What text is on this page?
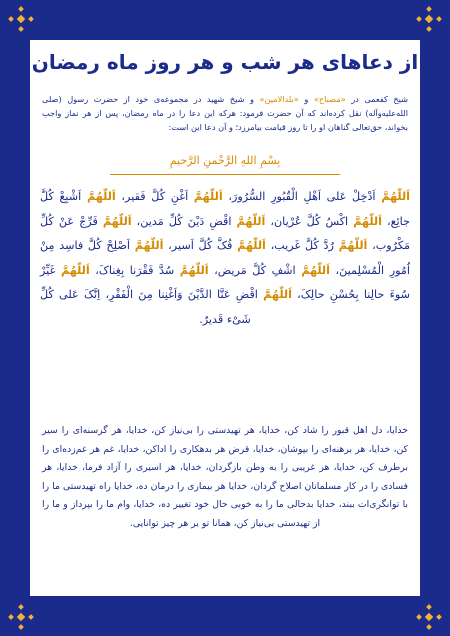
از دعاهای هر شب و هر روز ماه رمضان
شیخ کفعمی در «مصباح» و «بلدالامین» و شیخ شهید در مجموعه‌ی خود از حضرت رسول (صلی الله‌علیه‌وآله) نقل کرده‌اند که آن حضرت فرمود: هرکه این دعا را در ماه رمضان، پس از هر نماز واجب بخواند، حق‌تعالی گناهان او را تا روز قیامت بیامرزد؛ و آن دعا این است:
بِسْمِ اللهِ الرَّحْمنِ الرَّحیمِ
اَللّهُمَّ اَدْخِلْ عَلی اَهْلِ الْقُبُورِ السُّرُورَ، اَللّهُمَّ اَغْنِ کُلَّ فَقیر، اَللّهُمَّ اَشْبِعْ کُلَّ جائِع، اَللّهُمَّ اکْسُ کُلَّ عُرْیان، اَللّهُمَّ اقْضِ دَیْنَ کُلِّ مَدین، اَللّهُمَّ فَرِّجْ عَنْ کُلِّ مَکْرُوب، اَللّهُمَّ رُدَّ کُلَّ غَریب، اَللّهُمَّ فُکَّ کُلَّ اَسیر، اَللّهُمَّ اَصْلِحْ کُلَّ فاسِد مِنْ اُمُورِ الْمُسْلِمینَ، اَللّهُمَّ اشْفِ کُلَّ مَریض، اَللّهُمَّ سُدَّ فَقْرَنا بِغِناکَ، اَللّهُمَّ غَیِّرْ سُوءَ حالِنا بِحُسْنِ حالِکَ، اَللّهُمَّ اقْضِ عَنَّا الدَّیْنَ وَاَغْنِنا مِنَ الْفَقْرِ، اِنَّکَ عَلی کُلِّ شَیْء قَدیرٌ.
خدایا، دل اهل قبور را شاد کن، خدایا، هر تهیدستی را بی‌نیاز کن، خدایا، هر گرسنه‌ای را سیر کن، خدایا، هر برهنه‌ای را بپوشان، خدایا، قرض هر بدهکاری را اداکن، خدایا، غم هر غم‌زده‌ای را برطرف کن، خدایا، هر غریبی را به وطن بازگردان، خدایا، هر اسیری را آزاد فرما، خدایا، هر فسادی را در کار مسلمانان اصلاح گردان، خدایا هر بیماری را درمان ده، خدایا راه تهیدستی ما را با توانگری‌ات ببند، خدایا بدحالی ما را به خوبی حال خود تغییر ده، خدایا، وام ما را بپرداز و ما را از تهیدستی بی‌نیاز کن، همانا تو بر هر چیز توانایی.
